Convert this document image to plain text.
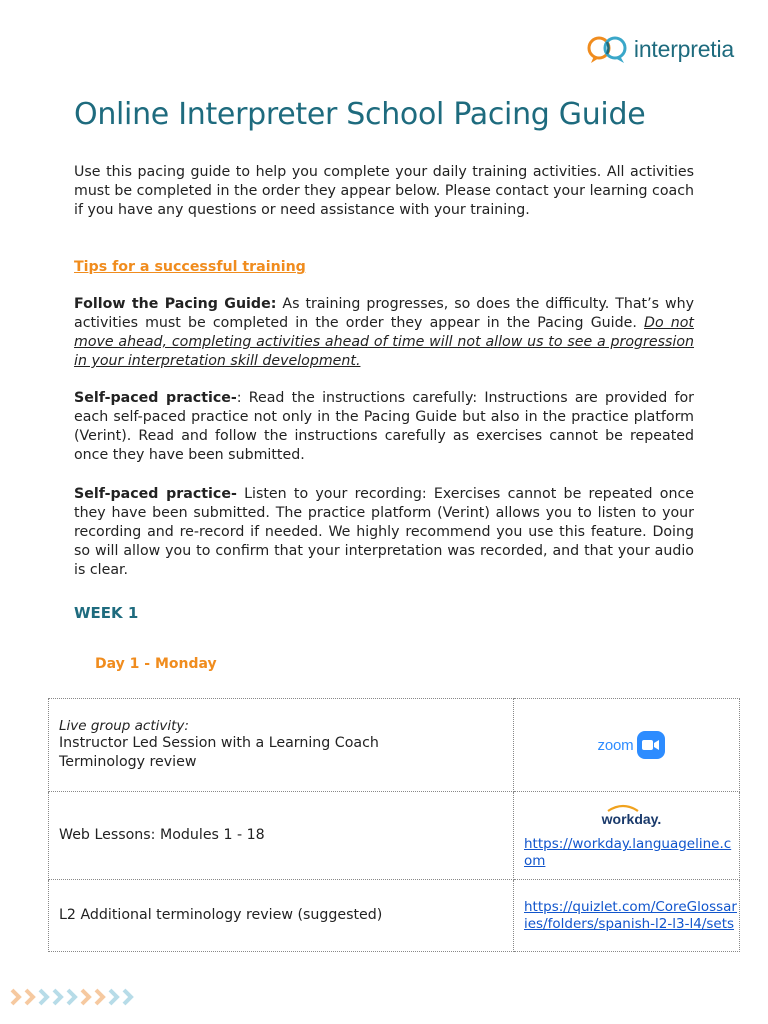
interpretia
Online Interpreter School Pacing Guide

Use this pacing guide to help you complete your daily training activities. All activities must be completed in the order they appear below. Please contact your learning coach if you have any questions or need assistance with your training.

Tips for a successful training

Follow the Pacing Guide: As training progresses, so does the difficulty. That’s why activities must be completed in the order they appear in the Pacing Guide. Do not move ahead, completing activities ahead of time will not allow us to see a progression in your interpretation skill development.

Self-paced practice-: Read the instructions carefully: Instructions are provided for each self-paced practice not only in the Pacing Guide but also in the practice platform (Verint). Read and follow the instructions carefully as exercises cannot be repeated once they have been submitted.

Self-paced practice- Listen to your recording: Exercises cannot be repeated once they have been submitted. The practice platform (Verint) allows you to listen to your recording and re-record if needed. We highly recommend you use this feature. Doing so will allow you to confirm that your interpretation was recorded, and that your audio is clear.

WEEK 1
Day 1 - Monday
Live group activity:
Instructor Led Session with a Learning Coach
Terminology review	zoom

Web Lessons: Modules 1 - 18	workday.
https://workday.languageline.com

L2 Additional terminology review (suggested)	https://quizlet.com/CoreGlossaries/folders/spanish-l2-l3-l4/sets
